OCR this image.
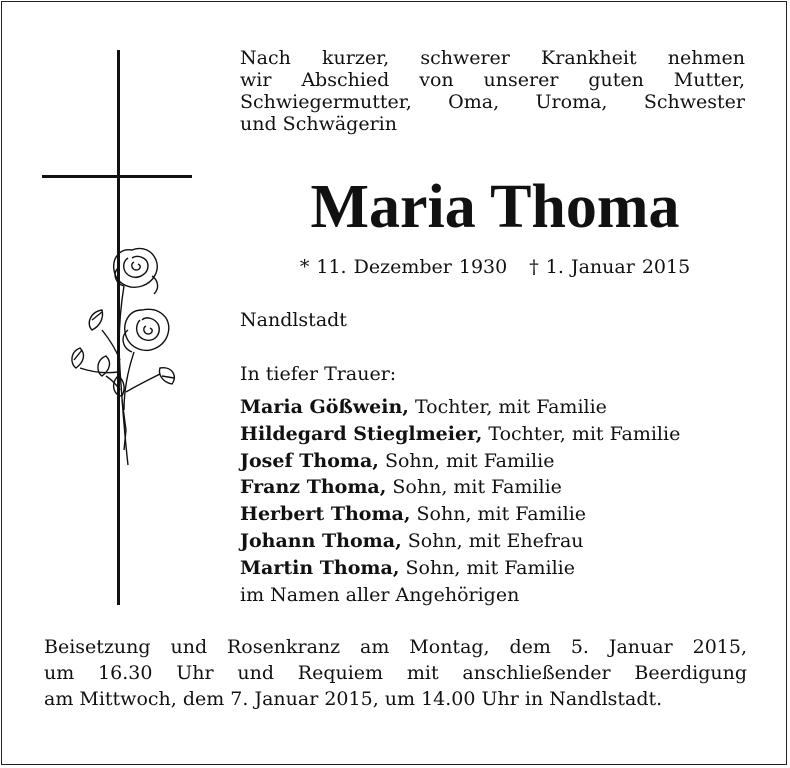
Nach kurzer, schwerer Krankheit nehmen
wir Abschied von unserer guten Mutter,
Schwiegermutter, Oma, Uroma, Schwester
und Schwägerin
Maria Thoma
* 11. Dezember 1930 † 1. Januar 2015
Nandlstadt
In tiefer Trauer:
Maria Gößwein, Tochter, mit Familie
Hildegard Stieglmeier, Tochter, mit Familie
Josef Thoma, Sohn, mit Familie
Franz Thoma, Sohn, mit Familie
Herbert Thoma, Sohn, mit Familie
Johann Thoma, Sohn, mit Ehefrau
Martin Thoma, Sohn, mit Familie
im Namen aller Angehörigen
Beisetzung und Rosenkranz am Montag, dem 5. Januar 2015,
um 16.30 Uhr und Requiem mit anschließender Beerdigung
am Mittwoch, dem 7. Januar 2015, um 14.00 Uhr in Nandlstadt.
